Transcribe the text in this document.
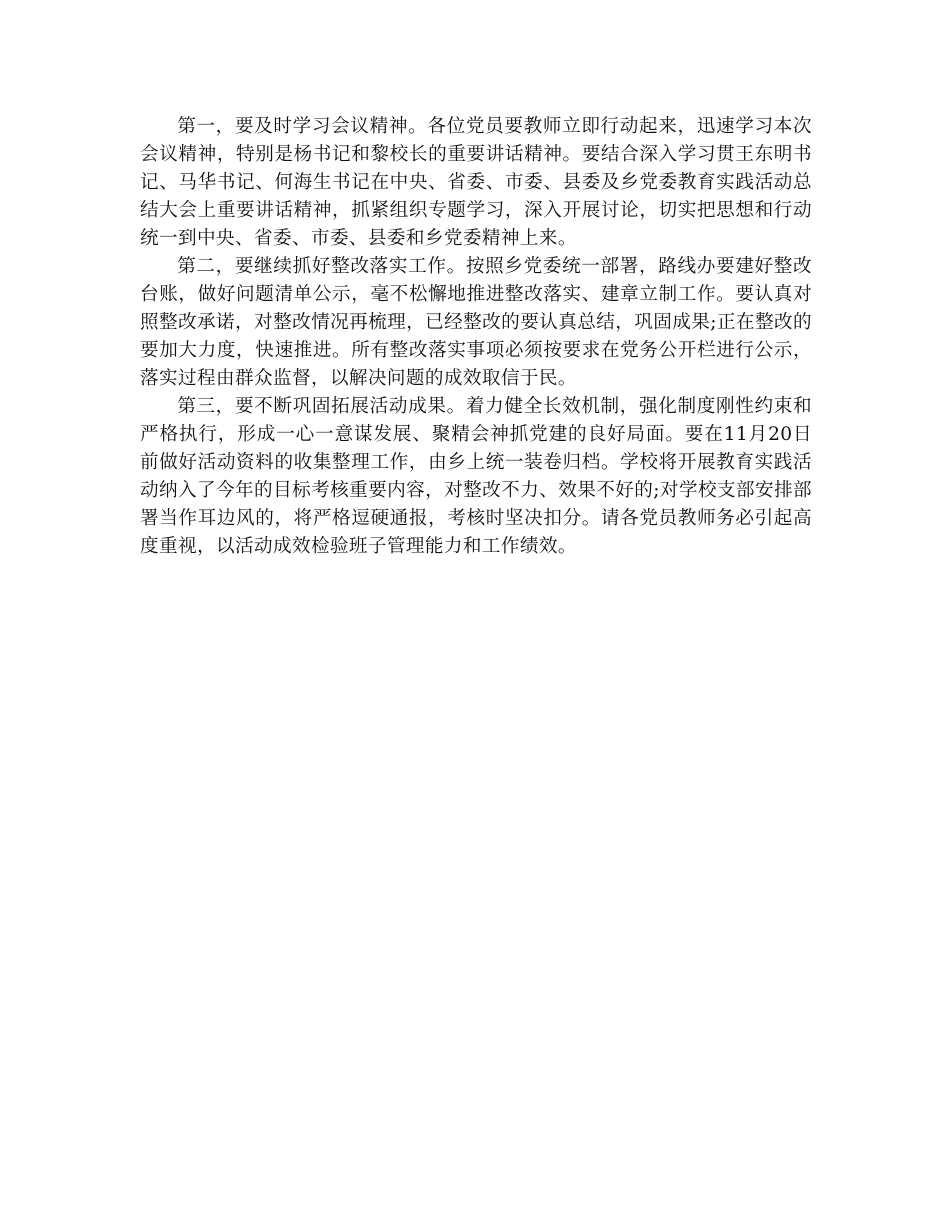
第一，要及时学习会议精神。各位党员要教师立即行动起来，迅速学习本次会议精神，特别是杨书记和黎校长的重要讲话精神。要结合深入学习贯王东明书记、马华书记、何海生书记在中央、省委、市委、县委及乡党委教育实践活动总结大会上重要讲话精神，抓紧组织专题学习，深入开展讨论，切实把思想和行动统一到中央、省委、市委、县委和乡党委精神上来。

第二，要继续抓好整改落实工作。按照乡党委统一部署，路线办要建好整改台账，做好问题清单公示，毫不松懈地推进整改落实、建章立制工作。要认真对照整改承诺，对整改情况再梳理，已经整改的要认真总结，巩固成果;正在整改的要加大力度，快速推进。所有整改落实事项必须按要求在党务公开栏进行公示，落实过程由群众监督，以解决问题的成效取信于民。

第三，要不断巩固拓展活动成果。着力健全长效机制，强化制度刚性约束和严格执行，形成一心一意谋发展、聚精会神抓党建的良好局面。要在11月20日前做好活动资料的收集整理工作，由乡上统一装卷归档。学校将开展教育实践活动纳入了今年的目标考核重要内容，对整改不力、效果不好的;对学校支部安排部署当作耳边风的，将严格逗硬通报，考核时坚决扣分。请各党员教师务必引起高度重视，以活动成效检验班子管理能力和工作绩效。
